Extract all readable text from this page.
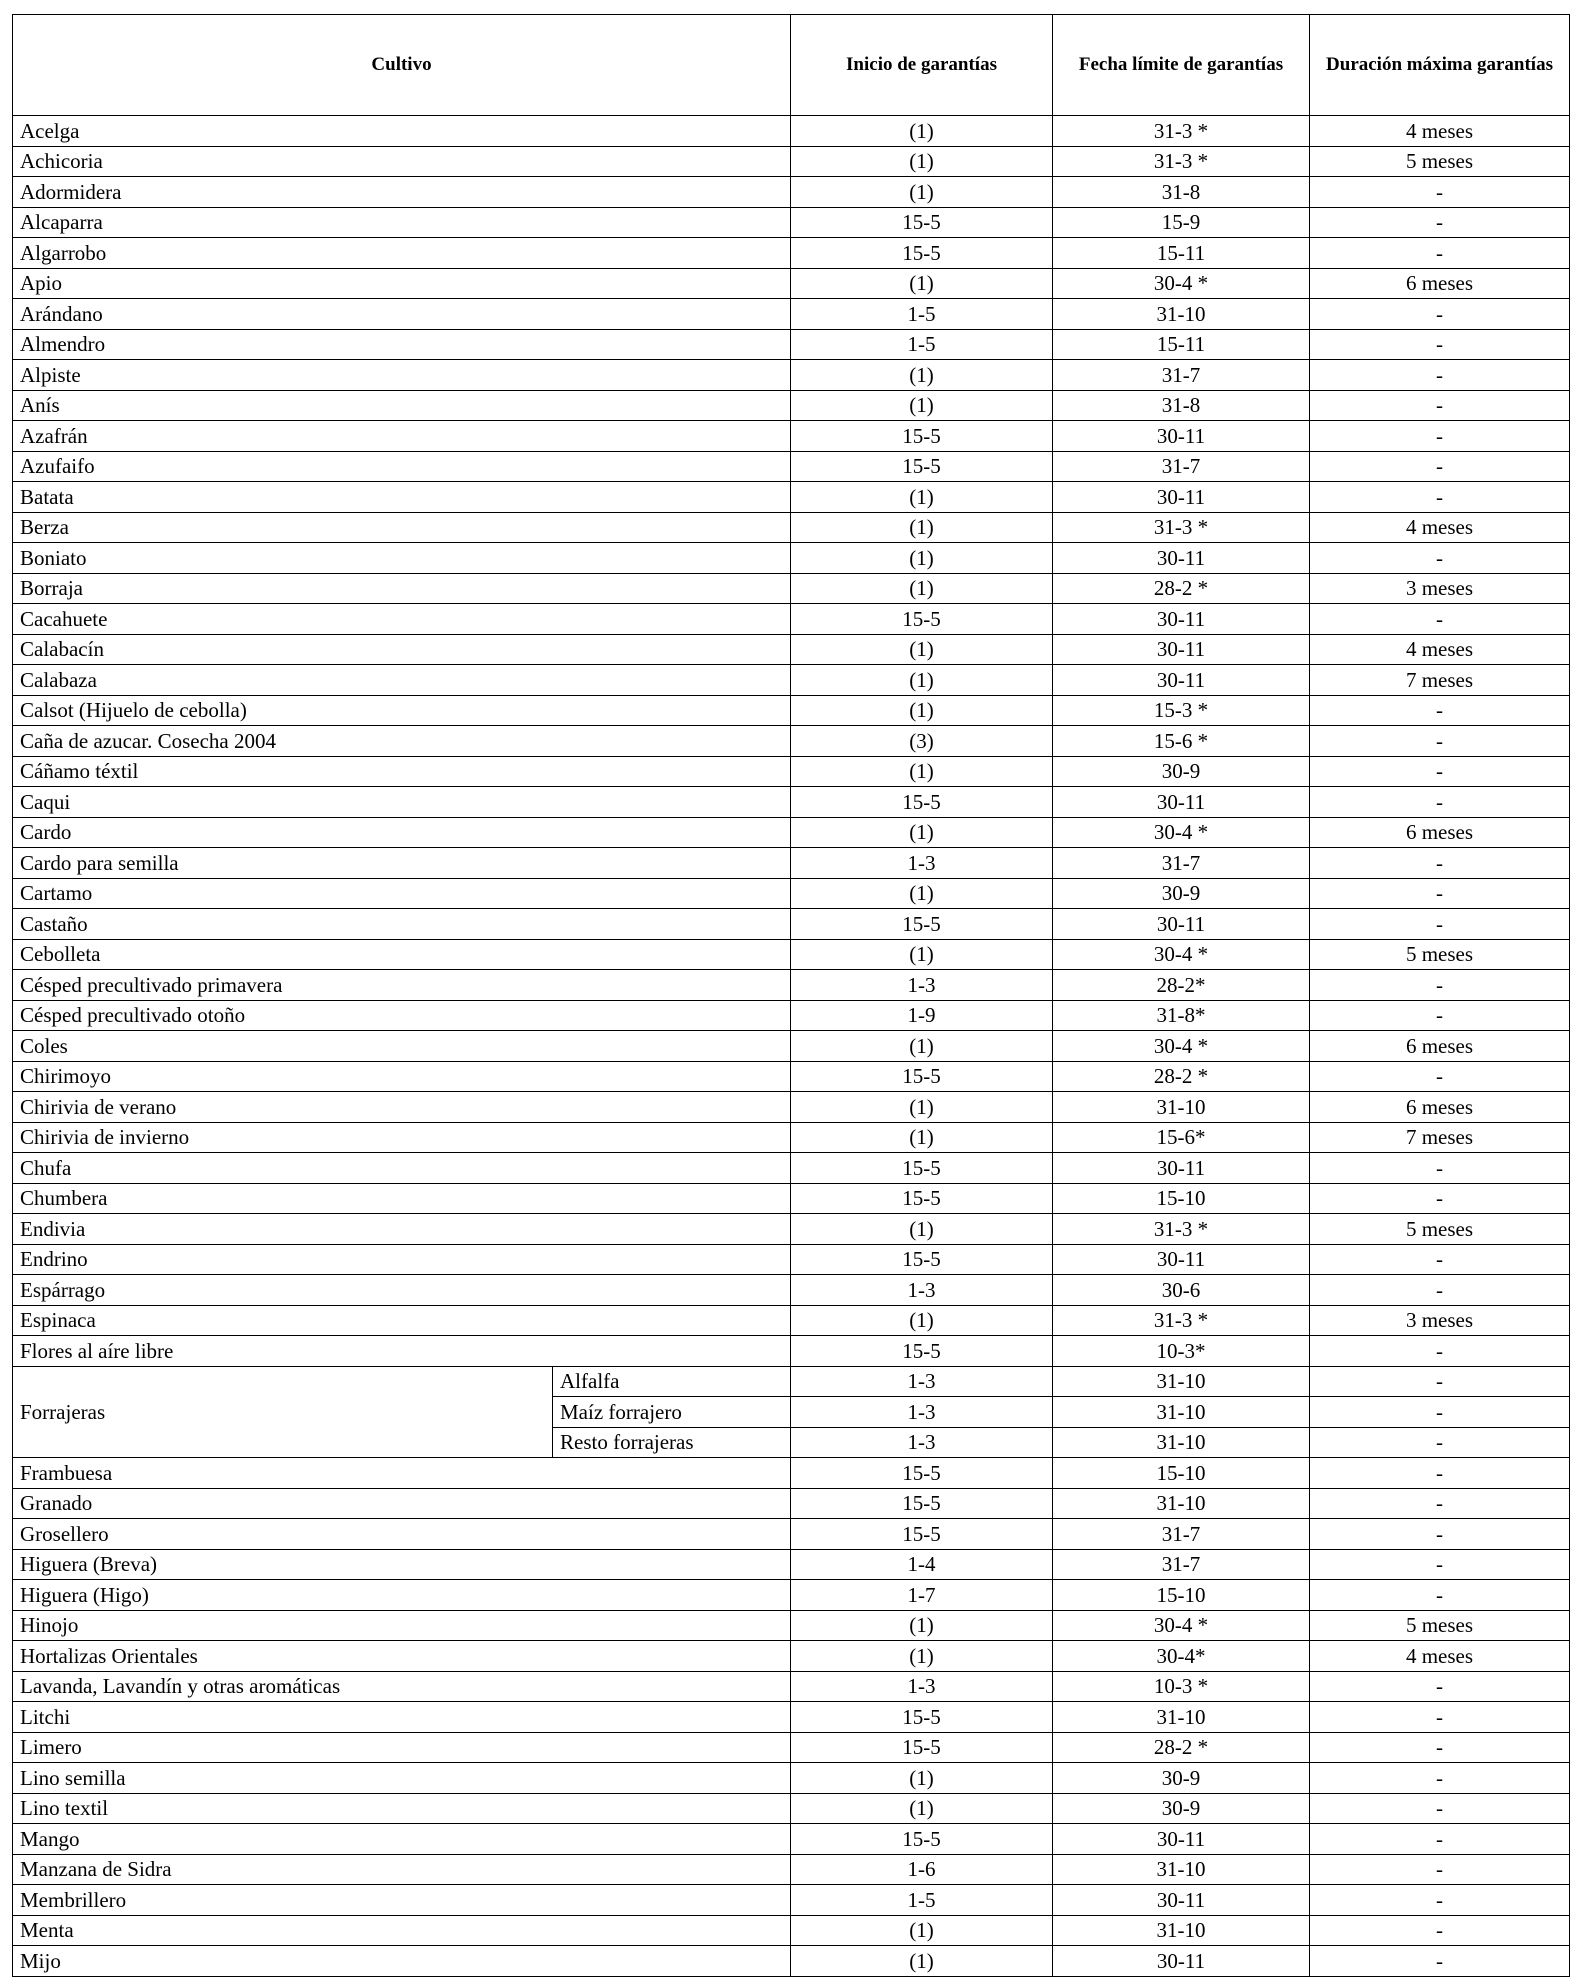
Cultivo		Inicio de garantías	Fecha límite de garantías	Duración máxima garantías	
Acelga		(1)	31-3 *	4 meses	
Achicoria		(1)	31-3 *	5 meses	
Adormidera		(1)	31-8	-	
Alcaparra		15-5	15-9	-	
Algarrobo		15-5	15-11	-	
Apio		(1)	30-4 *	6 meses	
Arándano		1-5	31-10	-	
Almendro		1-5	15-11	-	
Alpiste		(1)	31-7	-	
Anís		(1)	31-8	-	
Azafrán		15-5	30-11	-	
Azufaifo		15-5	31-7	-	
Batata		(1)	30-11	-	
Berza		(1)	31-3 *	4 meses	
Boniato		(1)	30-11	-	
Borraja		(1)	28-2 *	3 meses	
Cacahuete		15-5	30-11	-	
Calabacín		(1)	30-11	4 meses	
Calabaza		(1)	30-11	7 meses	
Calsot (Hijuelo de cebolla)		(1)	15-3 *	-	
Caña de azucar. Cosecha 2004		(3)	15-6 *	-	
Cáñamo téxtil		(1)	30-9	-	
Caqui		15-5	30-11	-	
Cardo		(1)	30-4 *	6 meses	
Cardo para semilla		1-3	31-7	-	
Cartamo		(1)	30-9	-	
Castaño		15-5	30-11	-	
Cebolleta		(1)	30-4 *	5 meses	
Césped precultivado primavera		1-3	28-2*	-	
Césped precultivado otoño		1-9	31-8*	-	
Coles		(1)	30-4 *	6 meses	
Chirimoyo		15-5	28-2 *	-	
Chirivia de verano		(1)	31-10	6 meses	
Chirivia de invierno		(1)	15-6*	7 meses	
Chufa		15-5	30-11	-	
Chumbera		15-5	15-10	-	
Endivia		(1)	31-3 *	5 meses	
Endrino		15-5	30-11	-	
Espárrago		1-3	30-6	-	
Espinaca		(1)	31-3 *	3 meses	
Flores al aíre libre		15-5	10-3*	-	
Forrajeras	Alfalfa	1-3	31-10	-	
	Maíz forrajero	1-3	31-10	-	
	Resto forrajeras	1-3	31-10	-	
Frambuesa		15-5	15-10	-	
Granado		15-5	31-10	-	
Grosellero		15-5	31-7	-	
Higuera (Breva)		1-4	31-7	-	
Higuera (Higo)		1-7	15-10	-	
Hinojo		(1)	30-4 *	5 meses	
Hortalizas Orientales		(1)	30-4*	4 meses	
Lavanda, Lavandín y otras aromáticas		1-3	10-3 *	-	
Litchi		15-5	31-10	-	
Limero		15-5	28-2 *	-	
Lino semilla		(1)	30-9	-	
Lino textil		(1)	30-9	-	
Mango		15-5	30-11	-	
Manzana de Sidra		1-6	31-10	-	
Membrillero		1-5	30-11	-	
Menta		(1)	31-10	-	
Mijo		(1)	30-11	-	
